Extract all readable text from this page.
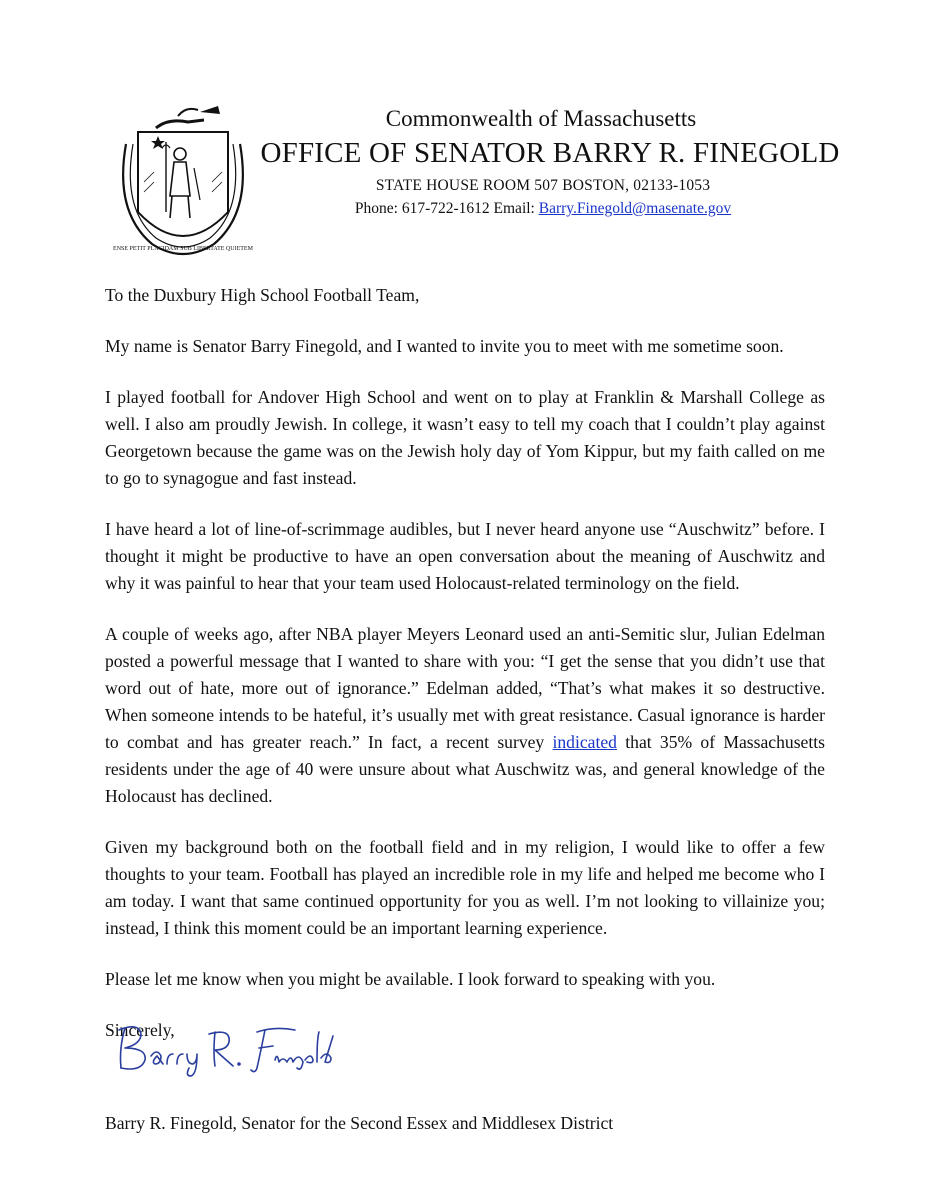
ENSE PETIT PLACIDAM SUB LIBERTATE QUIETEM
Commonwealth of Massachusetts
OFFICE OF SENATOR BARRY R. FINEGOLD
STATE HOUSE ROOM 507 BOSTON, 02133-1053
Phone: 617-722-1612 Email: Barry.Finegold@masenate.gov

To the Duxbury High School Football Team,

My name is Senator Barry Finegold, and I wanted to invite you to meet with me sometime soon.

I played football for Andover High School and went on to play at Franklin & Marshall College as well. I also am proudly Jewish. In college, it wasn’t easy to tell my coach that I couldn’t play against Georgetown because the game was on the Jewish holy day of Yom Kippur, but my faith called on me to go to synagogue and fast instead.

I have heard a lot of line-of-scrimmage audibles, but I never heard anyone use “Auschwitz” before. I thought it might be productive to have an open conversation about the meaning of Auschwitz and why it was painful to hear that your team used Holocaust-related terminology on the field.

A couple of weeks ago, after NBA player Meyers Leonard used an anti-Semitic slur, Julian Edelman posted a powerful message that I wanted to share with you: “I get the sense that you didn’t use that word out of hate, more out of ignorance.” Edelman added, “That’s what makes it so destructive. When someone intends to be hateful, it’s usually met with great resistance. Casual ignorance is harder to combat and has greater reach.” In fact, a recent survey indicated that 35% of Massachusetts residents under the age of 40 were unsure about what Auschwitz was, and general knowledge of the Holocaust has declined.

Given my background both on the football field and in my religion, I would like to offer a few thoughts to your team. Football has played an incredible role in my life and helped me become who I am today. I want that same continued opportunity for you as well. I’m not looking to villainize you; instead, I think this moment could be an important learning experience.

Please let me know when you might be available. I look forward to speaking with you.

Sincerely,

Barry R. Finegold, Senator for the Second Essex and Middlesex District
